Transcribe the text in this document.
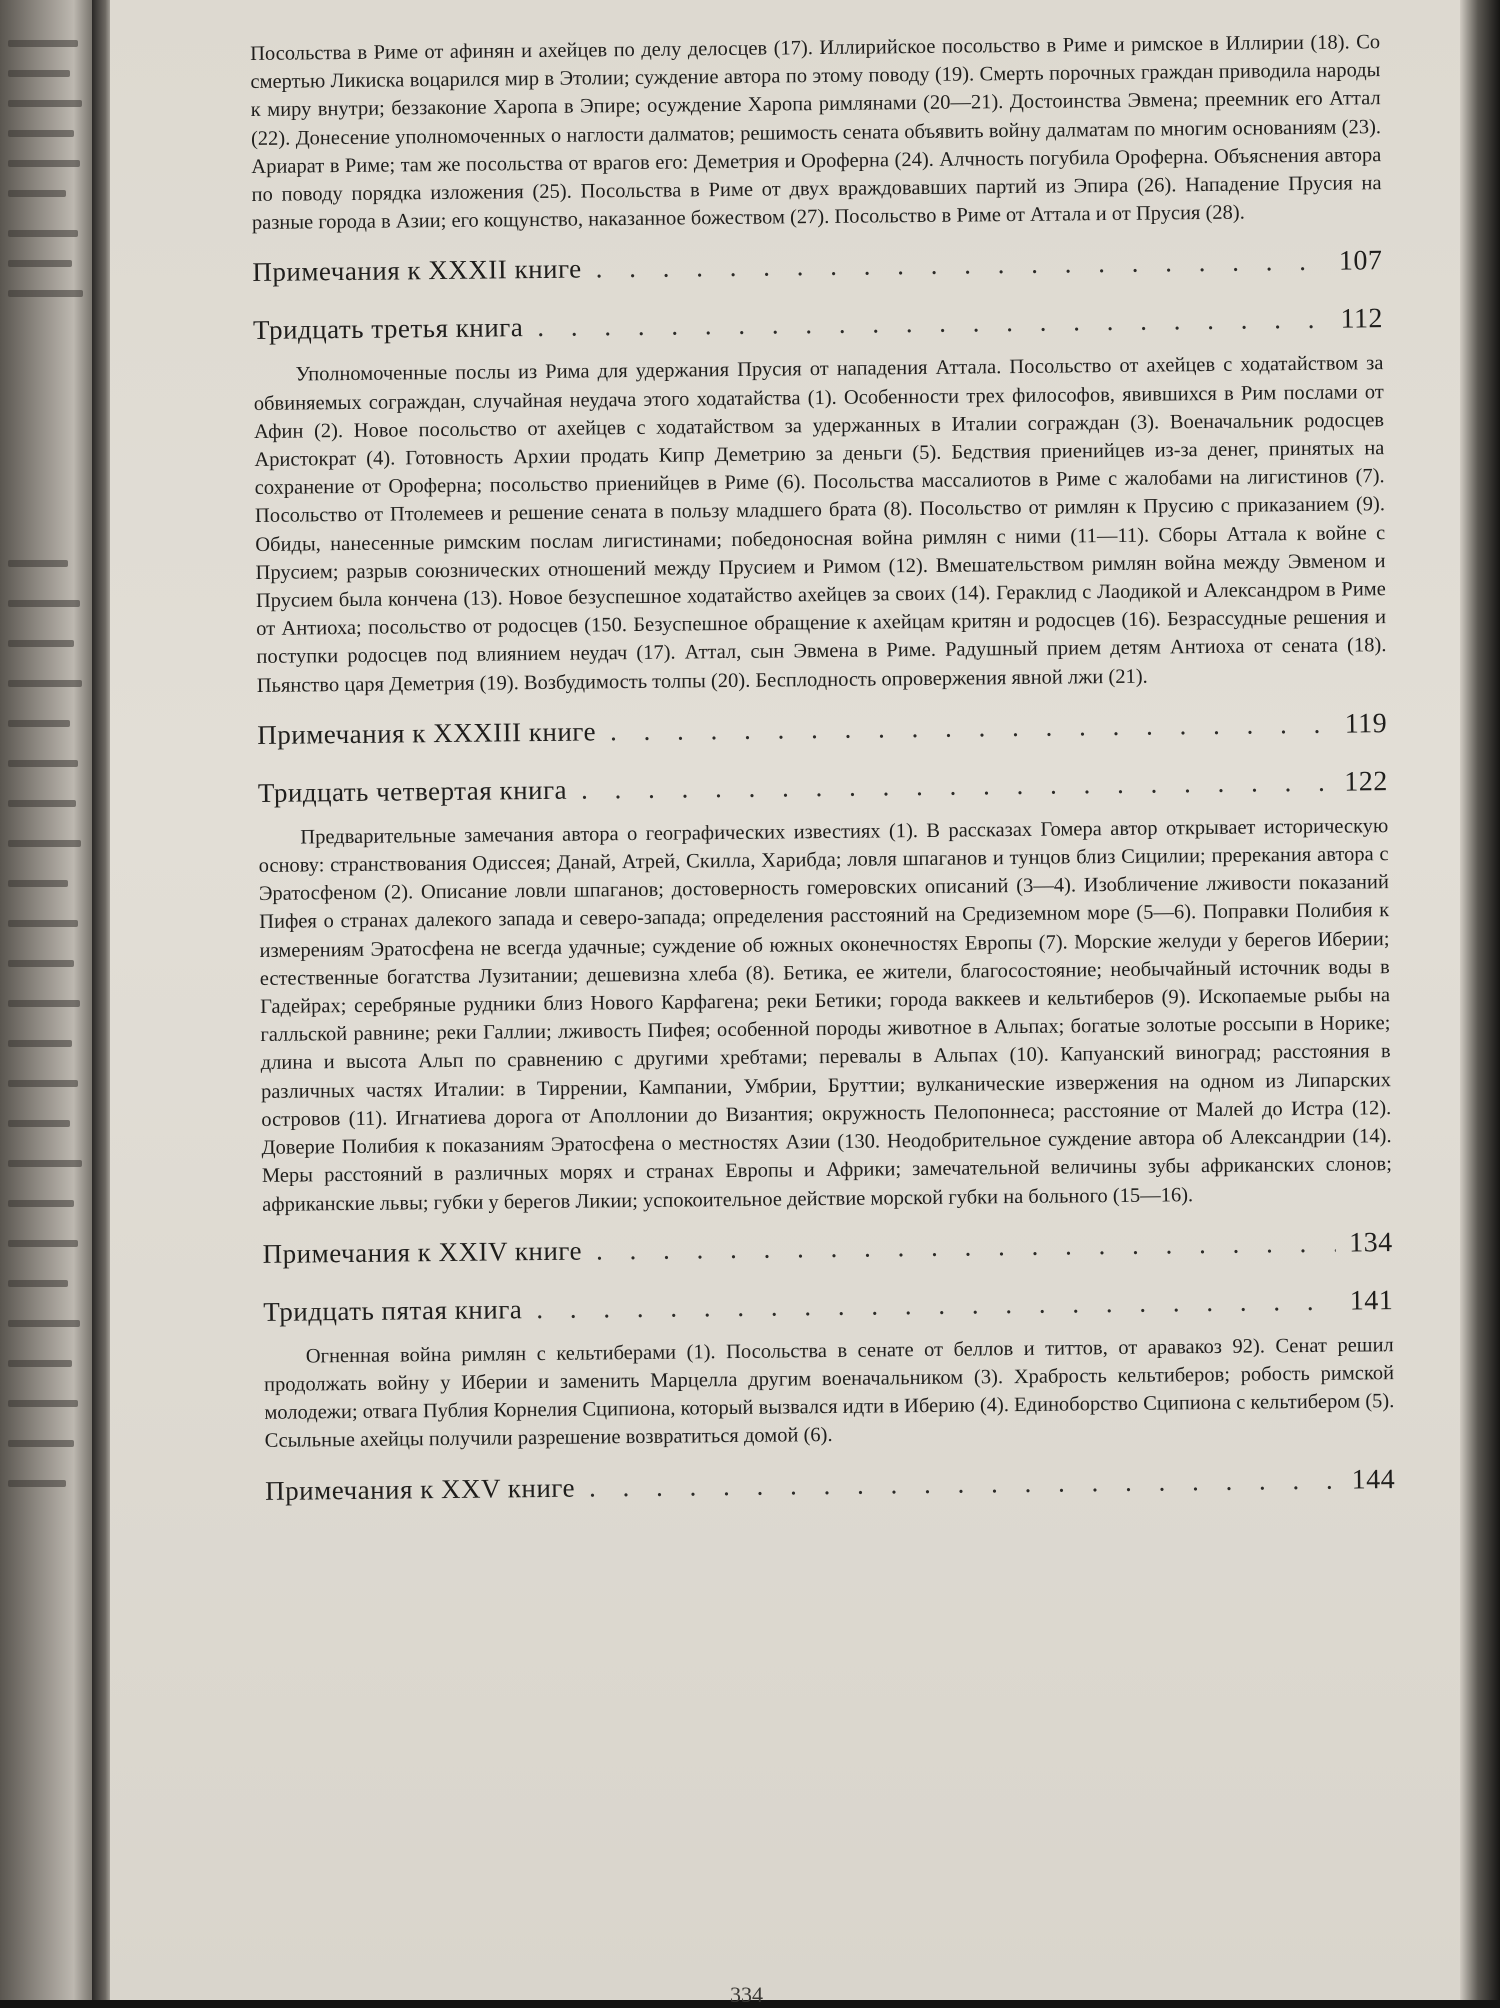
Посольства в Риме от афинян и ахейцев по делу делосцев (17). Иллирийское посольство в Риме и римское в Иллирии (18). Со смертью Ликиска воцарился мир в Этолии; суждение автора по этому поводу (19). Смерть порочных граждан приводила народы к миру внутри; беззаконие Харопа в Эпире; осуждение Харопа римлянами (20—21). Достоинства Эвмена; преемник его Аттал (22). Донесение уполномоченных о наглости далматов; решимость сената объявить войну далматам по многим основаниям (23). Ариарат в Риме; там же посольства от врагов его: Деметрия и Ороферна (24). Алчность погубила Ороферна. Объяснения автора по поводу порядка изложения (25). Посольства в Риме от двух враждовавших партий из Эпира (26). Нападение Прусия на разные города в Азии; его кощунство, наказанное божеством (27). Посольство в Риме от Аттала и от Прусия (28).

Примечания к XXXII книге . . .	107
Тридцать третья книга . . .	112

Уполномоченные послы из Рима для удержания Прусия от нападения Аттала. Посольство от ахейцев с ходатайством за обвиняемых сограждан, случайная неудача этого ходатайства (1). Особенности трех философов, явившихся в Рим послами от Афин (2). Новое посольство от ахейцев с ходатайством за удержанных в Италии сограждан (3). Военачальник родосцев Аристократ (4). Готовность Архии продать Кипр Деметрию за деньги (5). Бедствия приенийцев из-за денег, принятых на сохранение от Ороферна; посольство приенийцев в Риме (6). Посольства массалиотов в Риме с жалобами на лигистинов (7). Посольство от Птолемеев и решение сената в пользу младшего брата (8). Посольство от римлян к Прусию с приказанием (9). Обиды, нанесенные римским послам лигистинами; победоносная война римлян с ними (11—11). Сборы Аттала к войне с Прусием; разрыв союзнических отношений между Прусием и Римом (12). Вмешательством римлян война между Эвменом и Прусием была кончена (13). Новое безуспешное ходатайство ахейцев за своих (14). Гераклид с Лаодикой и Александром в Риме от Антиоха; посольство от родосцев (150. Безуспешное обращение к ахейцам критян и родосцев (16). Безрассудные решения и поступки родосцев под влиянием неудач (17). Аттал, сын Эвмена в Риме. Радушный прием детям Антиоха от сената (18). Пьянство царя Деметрия (19). Возбудимость толпы (20). Бесплодность опровержения явной лжи (21).

Примечания к XXXIII книге . . .	119
Тридцать четвертая книга . . .	122

Предварительные замечания автора о географических известиях (1). В рассказах Гомера автор открывает историческую основу: странствования Одиссея; Данай, Атрей, Скилла, Харибда; ловля шпаганов и тунцов близ Сицилии; пререкания автора с Эратосфеном (2). Описание ловли шпаганов; достоверность гомеровских описаний (3—4). Изобличение лживости показаний Пифея о странах далекого запада и северо-запада; определения расстояний на Средиземном море (5—6). Поправки Полибия к измерениям Эратосфена не всегда удачные; суждение об южных оконечностях Европы (7). Морские желуди у берегов Иберии; естественные богатства Лузитании; дешевизна хлеба (8). Бетика, ее жители, благосостояние; необычайный источник воды в Гадейрах; серебряные рудники близ Нового Карфагена; реки Бетики; города ваккеев и кельтиберов (9). Ископаемые рыбы на галльской равнине; реки Галлии; лживость Пифея; особенной породы животное в Альпах; богатые золотые россыпи в Норике; длина и высота Альп по сравнению с другими хребтами; перевалы в Альпах (10). Капуанский виноград; расстояния в различных частях Италии: в Тиррении, Кампании, Умбрии, Бруттии; вулканические извержения на одном из Липарских островов (11). Игнатиева дорога от Аполлонии до Византия; окружность Пелопоннеса; расстояние от Малей до Истра (12). Доверие Полибия к показаниям Эратосфена о местностях Азии (130. Неодобрительное суждение автора об Александрии (14). Меры расстояний в различных морях и странах Европы и Африки; замечательной величины зубы африканских слонов; африканские львы; губки у берегов Ликии; успокоительное действие морской губки на больного (15—16).

Примечания к XXIV книге . . .	134
Тридцать пятая книга . . .	141

Огненная война римлян с кельтиберами (1). Посольства в сенате от беллов и титтов, от аравакоз 92). Сенат решил продолжать войну у Иберии и заменить Марцелла другим военачальником (3). Храбрость кельтиберов; робость римской молодежи; отвага Публия Корнелия Сципиона, который вызвался идти в Иберию (4). Единоборство Сципиона с кельтибером (5). Ссыльные ахейцы получили разрешение возвратиться домой (6).

Примечания к XXV книге . . .	144
334
